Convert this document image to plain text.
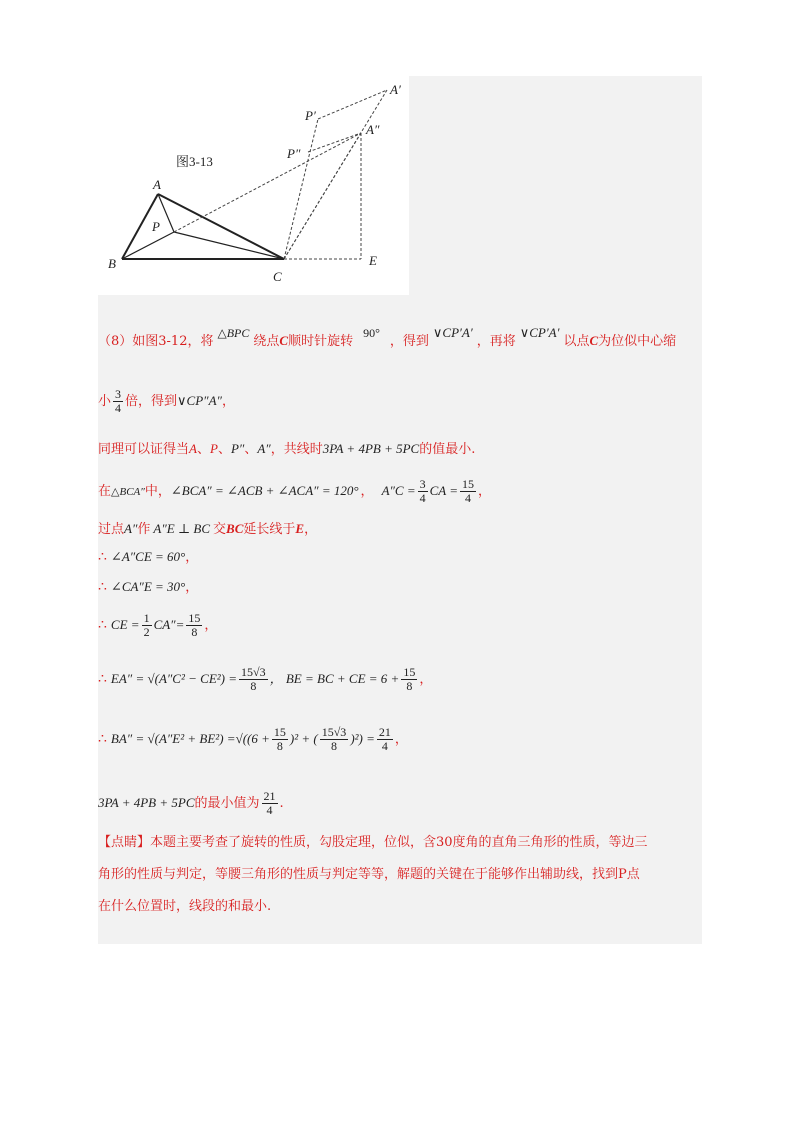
A
P
B
C
E
P′
A′
P″
A″
图3-13
（8）如图3-12，将△BPC绕点C顺时针旋转90°，得到∨CP′A′，再将∨CP′A′以点C为位似中心缩
小 $\frac{3}{4}$ 倍，得到∨CP″A″，
同理可以证得当A、P、P″、A″，共线时3PA + 4PB + 5PC的值最小.
在△BCA″中，∠BCA″ = ∠ACB + ∠ACA″ = 120° ， $A''C = \frac{3}{4}$ CA = $\frac{15}{4}$ ，
过点A″作 A″E ⊥ BC 交BC延长线于E，
∴ ∠A″CE = 60°，
∴ ∠CA″E = 30°，
∴ CE = $\frac{1}{2} CA''= \frac{15}{8}$ ，
∴ $EA'' = √(A''C^2 - CE^2) = \frac{15√3}{8}$ ， BE = BC + CE = $6 + \frac{15}{8}$ ，
∴ $BA'' = √(A''E^2 + BE^2) =√((6 + \frac{15}{8} )^2$ + ( $\frac{15√3}{8} )^2) = \frac{21}{4}$ ，
3PA + 4PB + 5PC的最小值为 $\frac{21}{4}$ .
【点睛】本题主要考查了旋转的性质，勾股定理，位似，含30度角的直角三角形的性质，等边三
角形的性质与判定，等腰三角形的性质与判定等等，解题的关键在于能够作出辅助线，找到P点
在什么位置时，线段的和最小.
